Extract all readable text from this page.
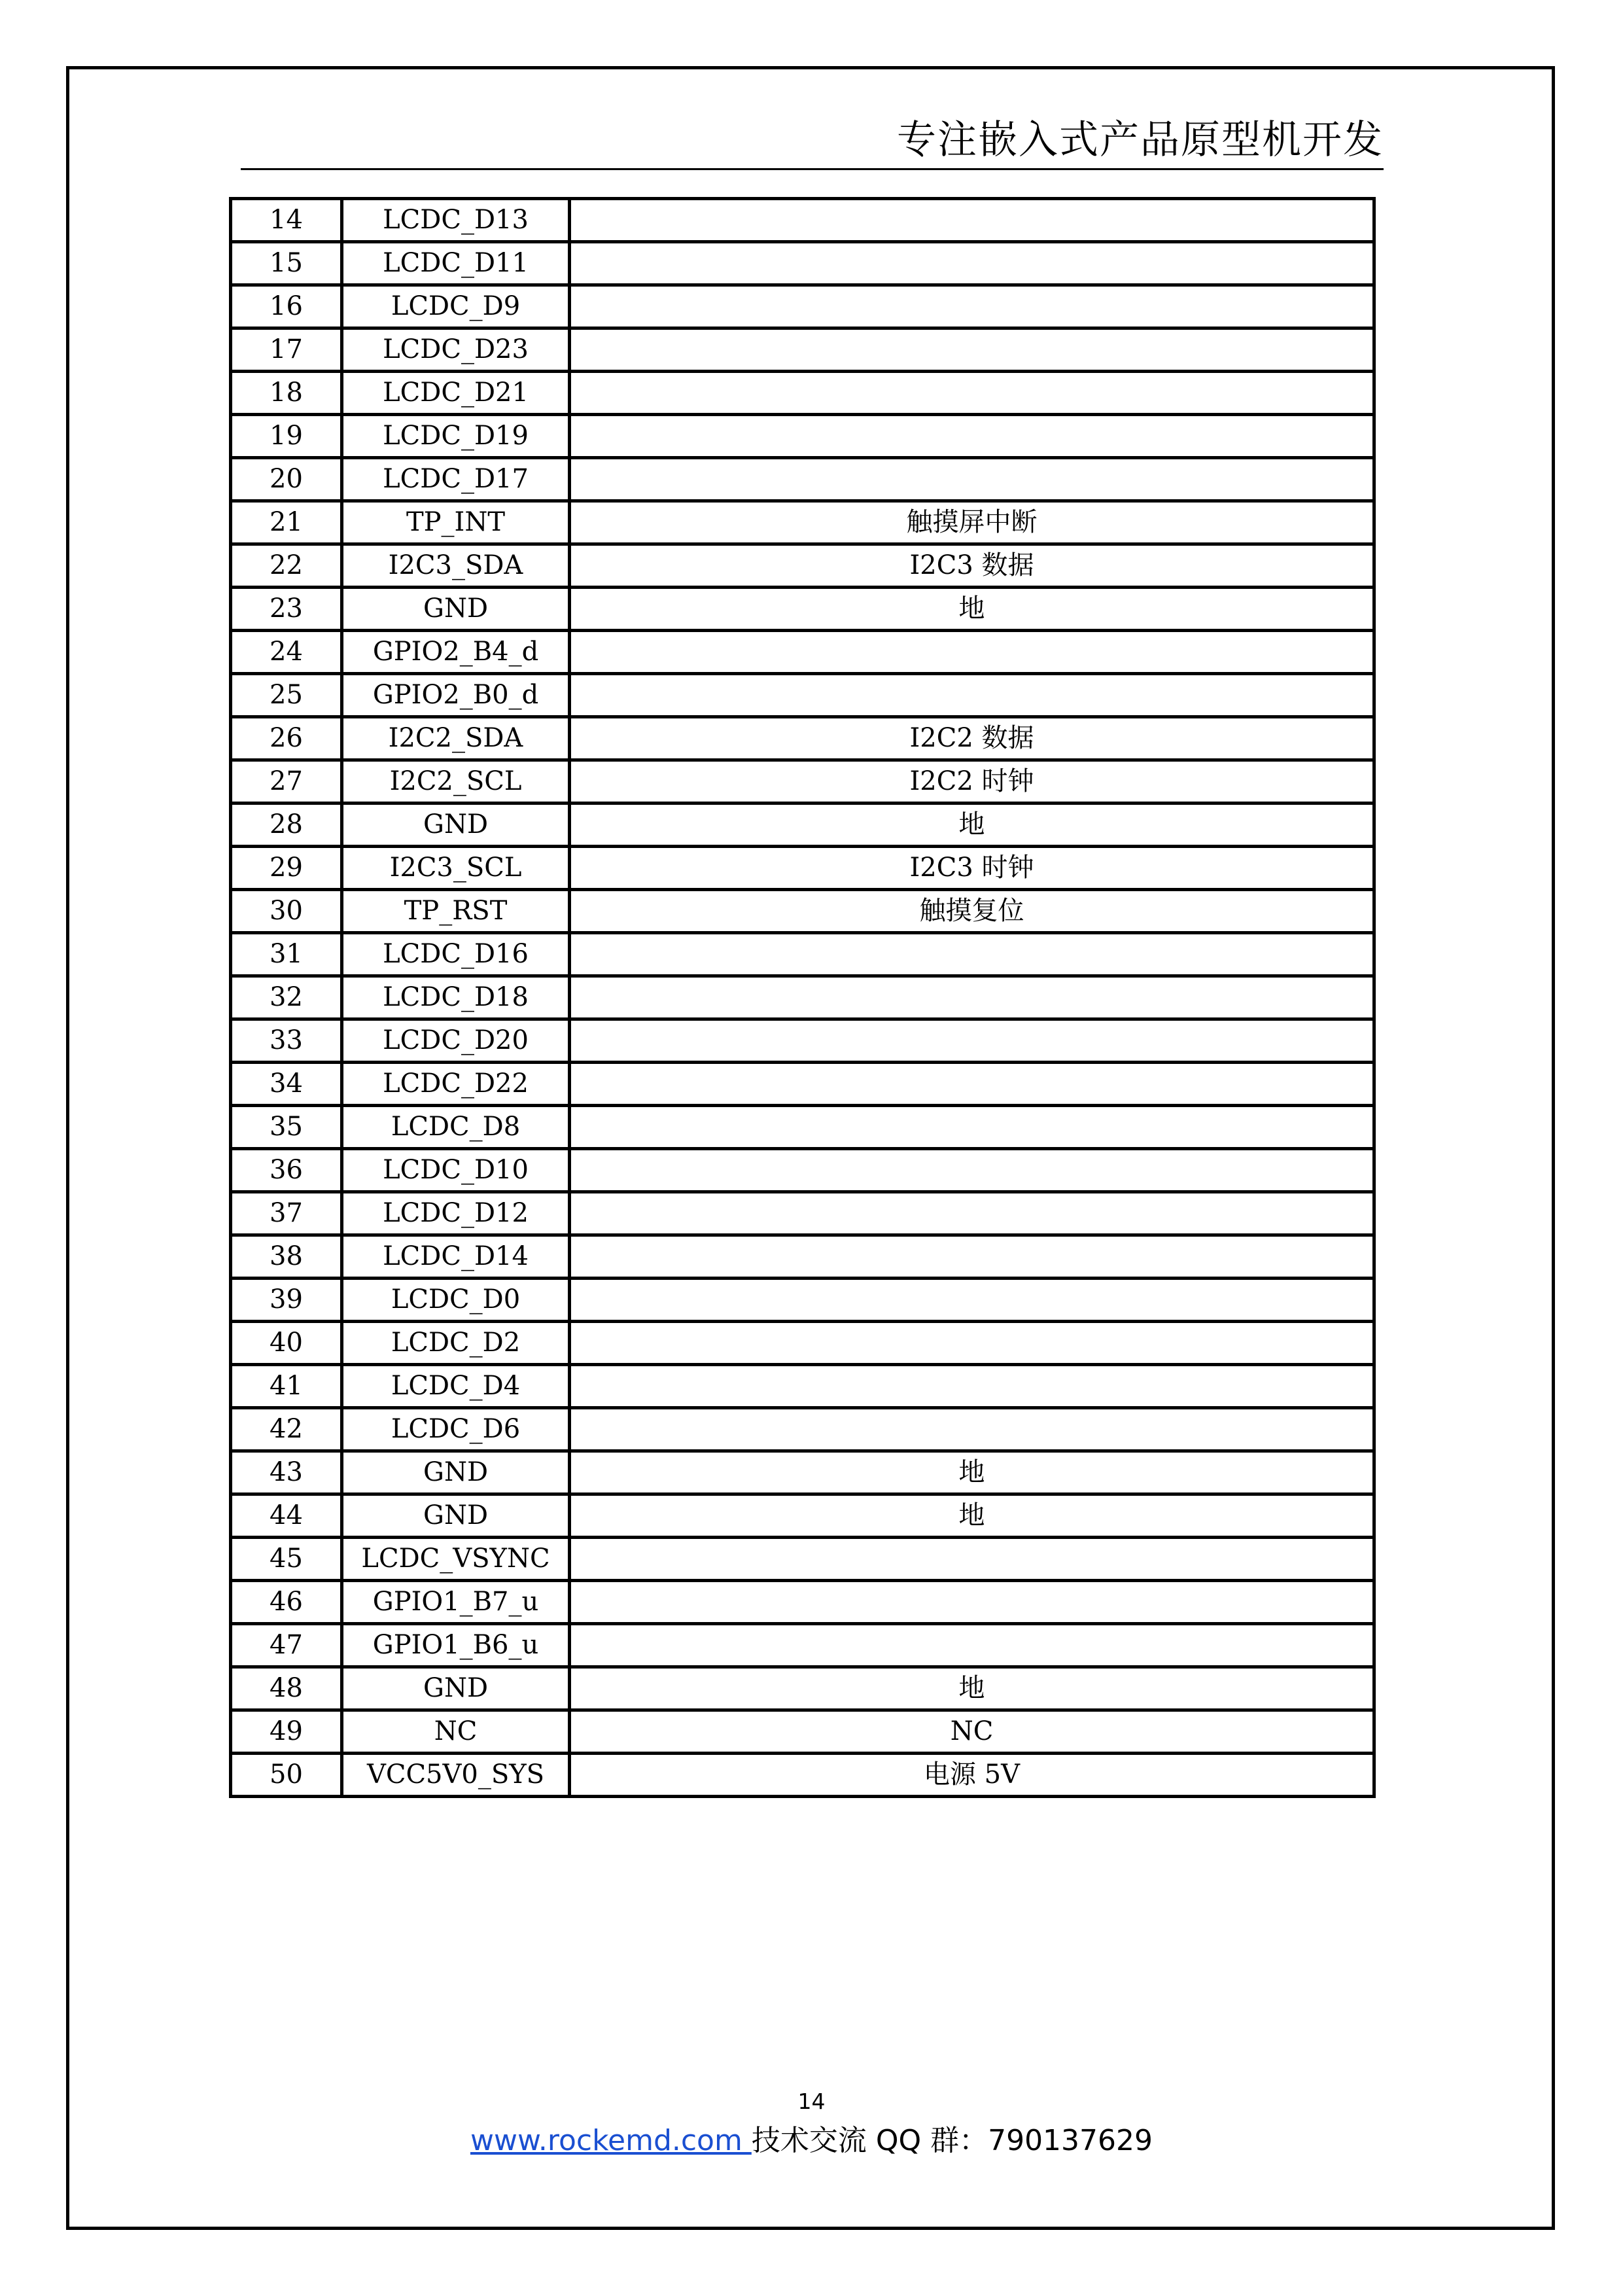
专注嵌入式产品原型机开发
14	LCDC_D13	
15	LCDC_D11	
16	LCDC_D9	
17	LCDC_D23	
18	LCDC_D21	
19	LCDC_D19	
20	LCDC_D17	
21	TP_INT	触摸屏中断
22	I2C3_SDA	I2C3 数据
23	GND	地
24	GPIO2_B4_d	
25	GPIO2_B0_d	
26	I2C2_SDA	I2C2 数据
27	I2C2_SCL	I2C2 时钟
28	GND	地
29	I2C3_SCL	I2C3 时钟
30	TP_RST	触摸复位
31	LCDC_D16	
32	LCDC_D18	
33	LCDC_D20	
34	LCDC_D22	
35	LCDC_D8	
36	LCDC_D10	
37	LCDC_D12	
38	LCDC_D14	
39	LCDC_D0	
40	LCDC_D2	
41	LCDC_D4	
42	LCDC_D6	
43	GND	地
44	GND	地
45	LCDC_VSYNC	
46	GPIO1_B7_u	
47	GPIO1_B6_u	
48	GND	地
49	NC	NC
50	VCC5V0_SYS	电源 5V
14
www.rockemd.com 技术交流 QQ 群：790137629
